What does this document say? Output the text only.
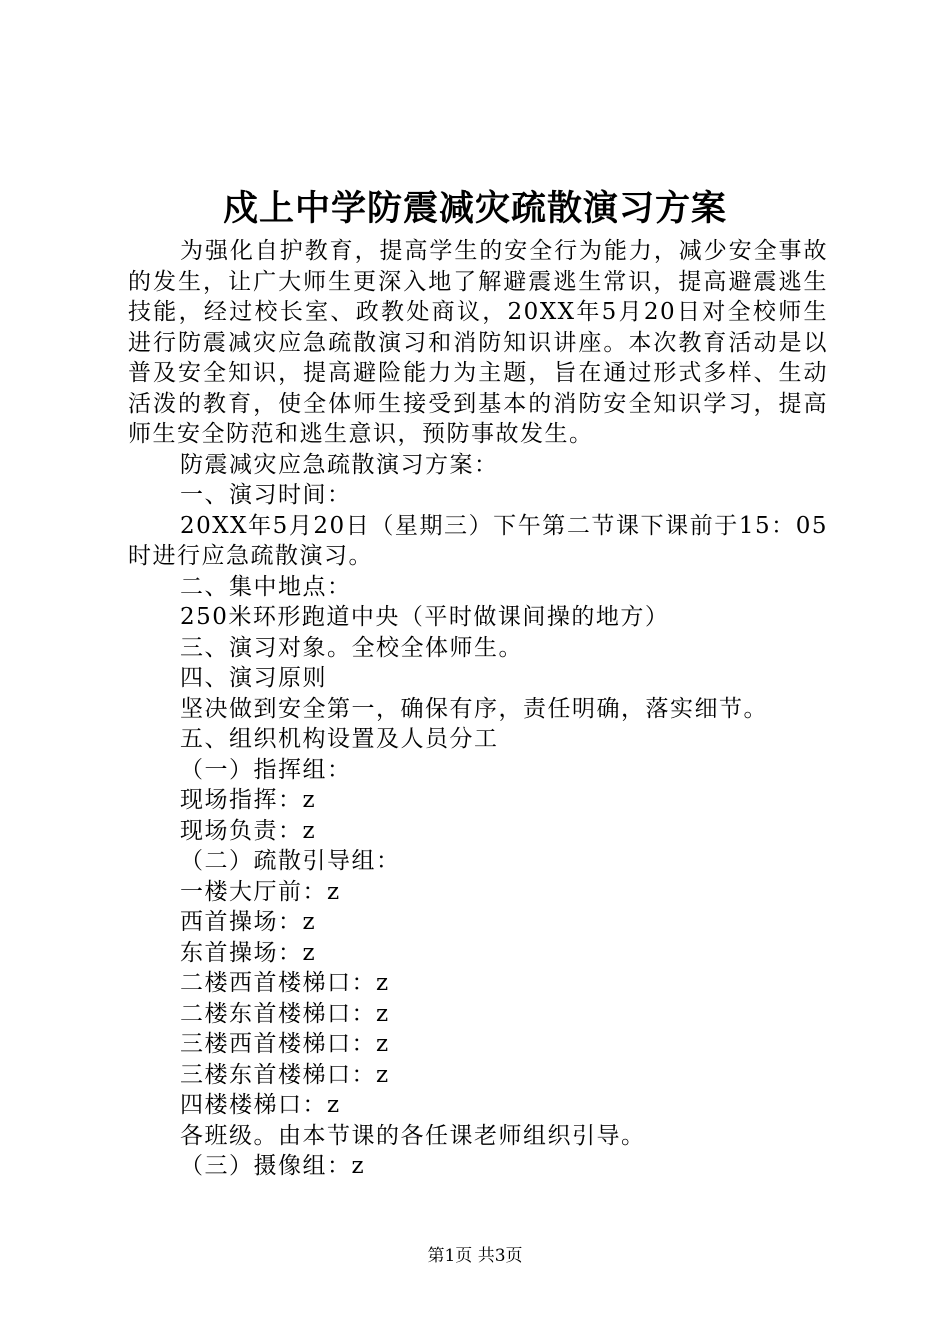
戍上中学防震减灾疏散演习方案

为强化自护教育，提高学生的安全行为能力，减少安全事故的发生，让广大师生更深入地了解避震逃生常识，提高避震逃生技能，经过校长室、政教处商议，20XX年5月20日对全校师生进行防震减灾应急疏散演习和消防知识讲座。本次教育活动是以普及安全知识，提高避险能力为主题，旨在通过形式多样、生动活泼的教育，使全体师生接受到基本的消防安全知识学习，提高师生安全防范和逃生意识，预防事故发生。

防震减灾应急疏散演习方案：

一、演习时间：

20XX年5月20日（星期三）下午第二节课下课前于15：05时进行应急疏散演习。

二、集中地点：

250米环形跑道中央（平时做课间操的地方）

三、演习对象。全校全体师生。

四、演习原则

坚决做到安全第一，确保有序，责任明确，落实细节。

五、组织机构设置及人员分工

（一）指挥组：

现场指挥：z

现场负责：z

（二）疏散引导组：

一楼大厅前：z

西首操场：z

东首操场：z

二楼西首楼梯口：z

二楼东首楼梯口：z

三楼西首楼梯口：z

三楼东首楼梯口：z

四楼楼梯口：z

各班级。由本节课的各任课老师组织引导。

（三）摄像组：z

第1页 共3页
